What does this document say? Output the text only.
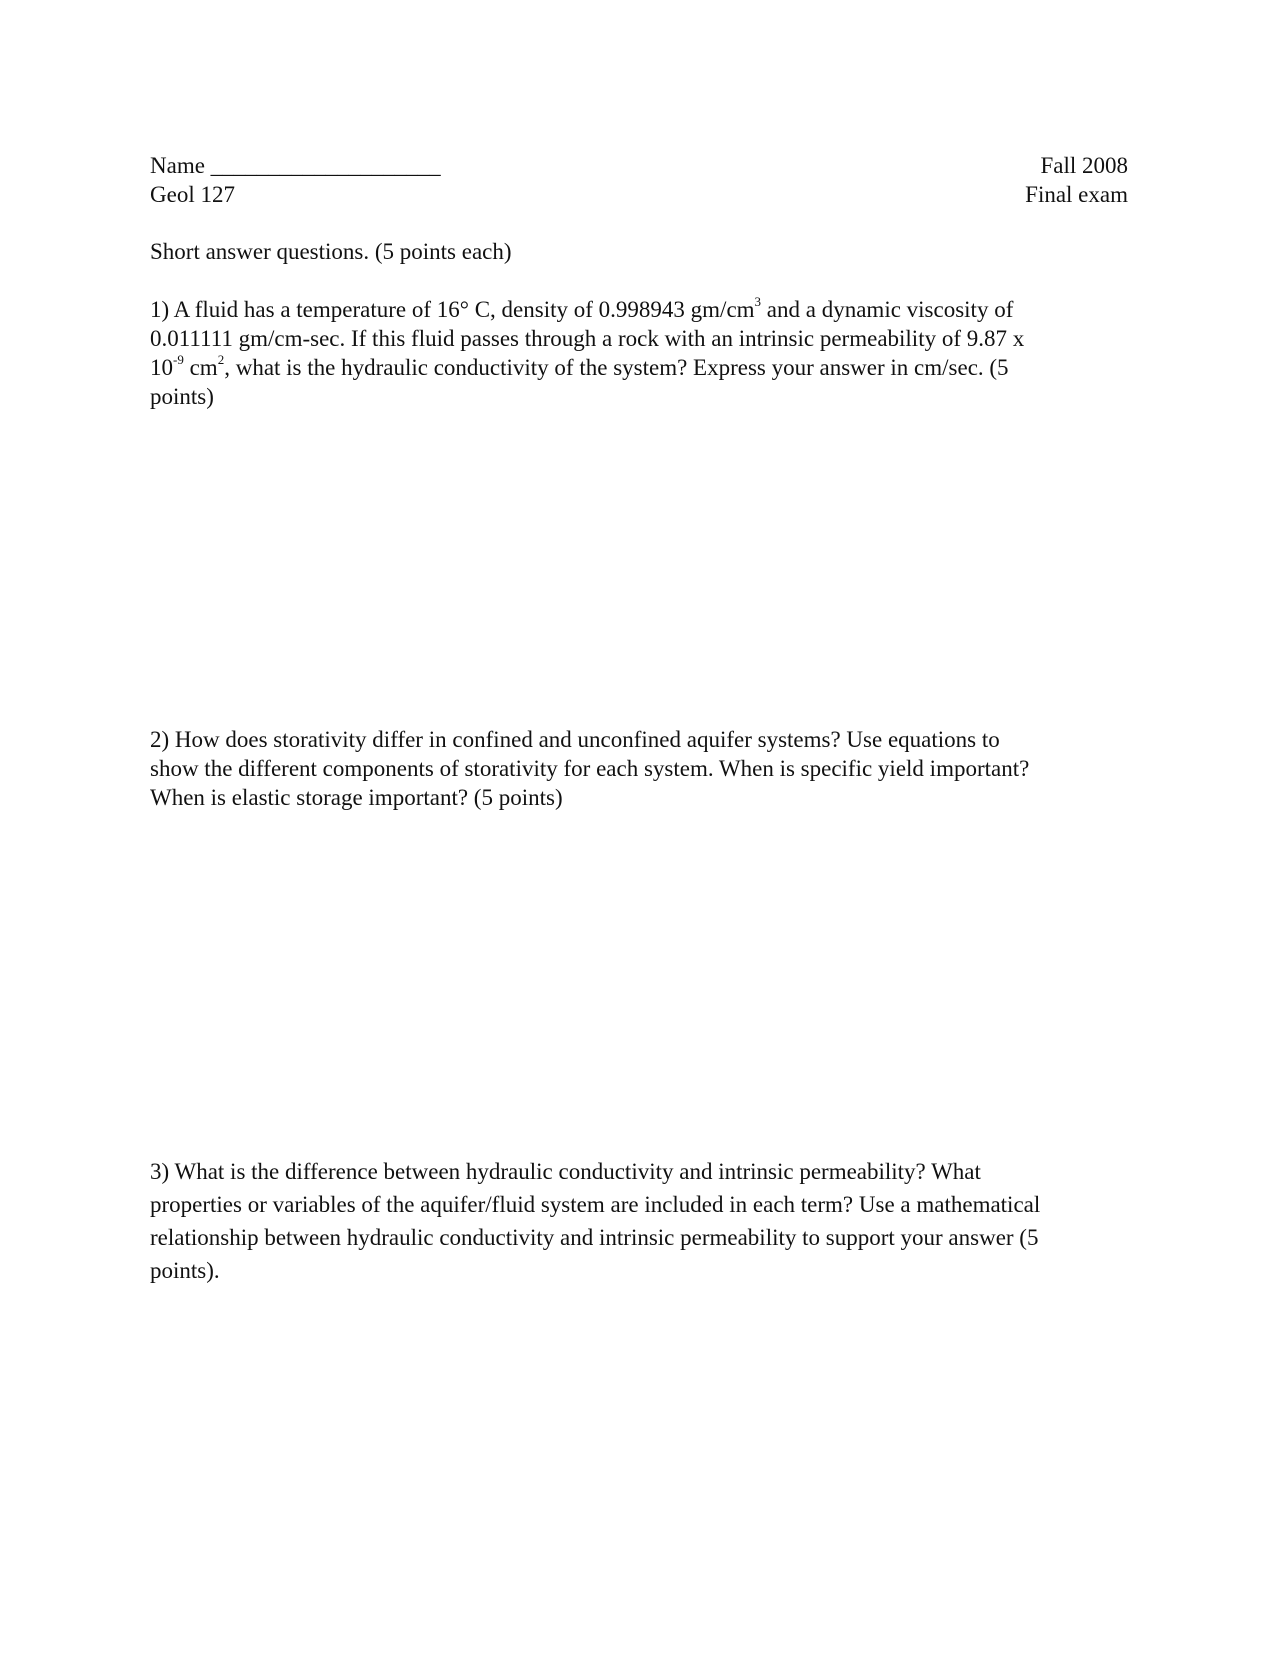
Name ____________________
Geol 127
Fall 2008
Final exam
Short answer questions. (5 points each)
1) A fluid has a temperature of 16° C, density of 0.998943 $gm/cm^3$ and a dynamic viscosity of
0.011111 gm/cm-sec. If this fluid passes through a rock with an intrinsic permeability of 9.87 x
$10^{-9}$ $cm^2$, what is the hydraulic conductivity of the system? Express your answer in cm/sec. (5
points)
2) How does storativity differ in confined and unconfined aquifer systems? Use equations to
show the different components of storativity for each system. When is specific yield important?
When is elastic storage important? (5 points)
3) What is the difference between hydraulic conductivity and intrinsic permeability? What
properties or variables of the aquifer/fluid system are included in each term? Use a mathematical
relationship between hydraulic conductivity and intrinsic permeability to support your answer (5
points).
